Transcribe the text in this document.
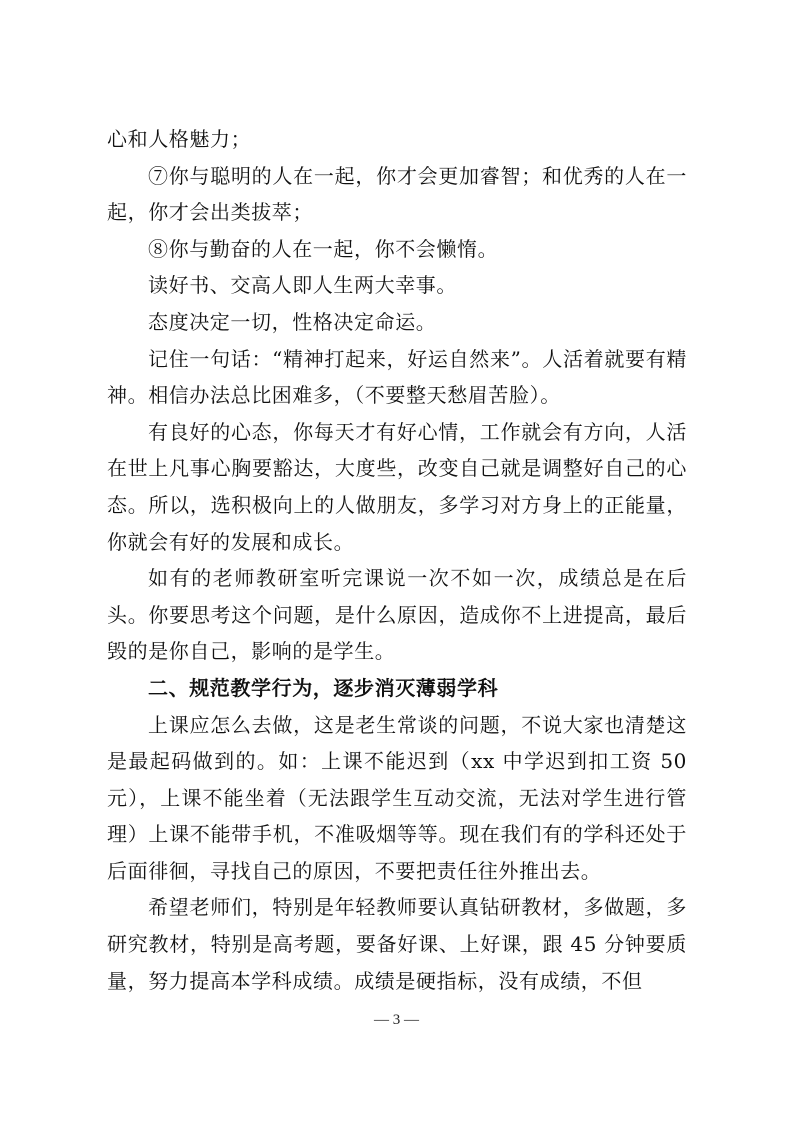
心和人格魅力；

⑦你与聪明的人在一起，你才会更加睿智；和优秀的人在一起，你才会出类拔萃；

⑧你与勤奋的人在一起，你不会懒惰。

读好书、交高人即人生两大幸事。

态度决定一切，性格决定命运。

记住一句话：“精神打起来，好运自然来”。人活着就要有精神。相信办法总比困难多，（不要整天愁眉苦脸）。

有良好的心态，你每天才有好心情，工作就会有方向，人活在世上凡事心胸要豁达，大度些，改变自己就是调整好自己的心态。所以，选积极向上的人做朋友，多学习对方身上的正能量，你就会有好的发展和成长。

如有的老师教研室听完课说一次不如一次，成绩总是在后头。你要思考这个问题，是什么原因，造成你不上进提高，最后毁的是你自己，影响的是学生。

二、规范教学行为，逐步消灭薄弱学科

上课应怎么去做，这是老生常谈的问题，不说大家也清楚这是最起码做到的。如：上课不能迟到（xx 中学迟到扣工资 50 元），上课不能坐着（无法跟学生互动交流，无法对学生进行管理）上课不能带手机，不准吸烟等等。现在我们有的学科还处于后面徘徊，寻找自己的原因，不要把责任往外推出去。

希望老师们，特别是年轻教师要认真钻研教材，多做题，多研究教材，特别是高考题，要备好课、上好课，跟 45 分钟要质量，努力提高本学科成绩。成绩是硬指标，没有成绩，不但

— 3 —
